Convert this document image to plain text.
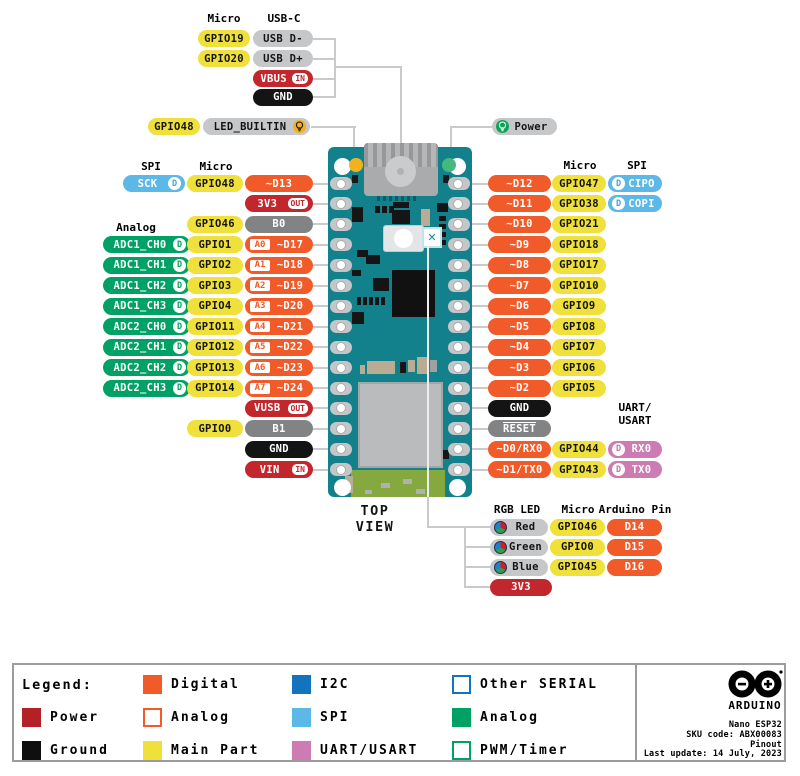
Micro USB-C
SPI	Micro
Analog
Micro	SPI
UART/
USART
RGB LED Micro Arduino Pin
✕
TOP VIEW
GPIO19	USB D-
GPIO20	USB D+
VBUS	IN
GND
GPIO48	LED_BUILTIN	Power
SCK	D	GPIO48	~D13
3V3	OUT
GPIO46	B0
ADC1_CH0	D	GPIO1	A0	~D17
ADC1_CH1	D	GPIO2	A1	~D18
ADC1_CH2	D	GPIO3	A2	~D19
ADC1_CH3	D	GPIO4	A3	~D20
ADC2_CH0	D	GPIO11	A4	~D21
ADC2_CH1	D	GPIO12	A5	~D22
ADC2_CH2	D	GPIO13	A6	~D23
ADC2_CH3	D	GPIO14	A7	~D24
VUSB	OUT
GPIO0	B1
GND
VIN	IN
~D12	GPIO47	D CIPO
~D11	GPIO38	D COPI
~D10	GPIO21
~D9	GPIO18
~D8	GPIO17
~D7	GPIO10
~D6	GPIO9
~D5	GPIO8
~D4	GPIO7
~D3	GPIO6
~D2	GPIO5
GND
RESET
~D0/RX0	GPIO44	D	RX0
~D1/TX0	GPIO43	D	TX0
Red	GPIO46	D14
Green	GPIO0	D15
Blue	GPIO45	D16
3V3
Legend:
Power
Ground
Digital
Analog
Main Part
I2C
SPI
UART/USART
Other SERIAL
Analog
PWM/Timer
ARDUINO
Nano ESP32
SKU code: ABX00083
Pinout
Last update: 14 July, 2023
